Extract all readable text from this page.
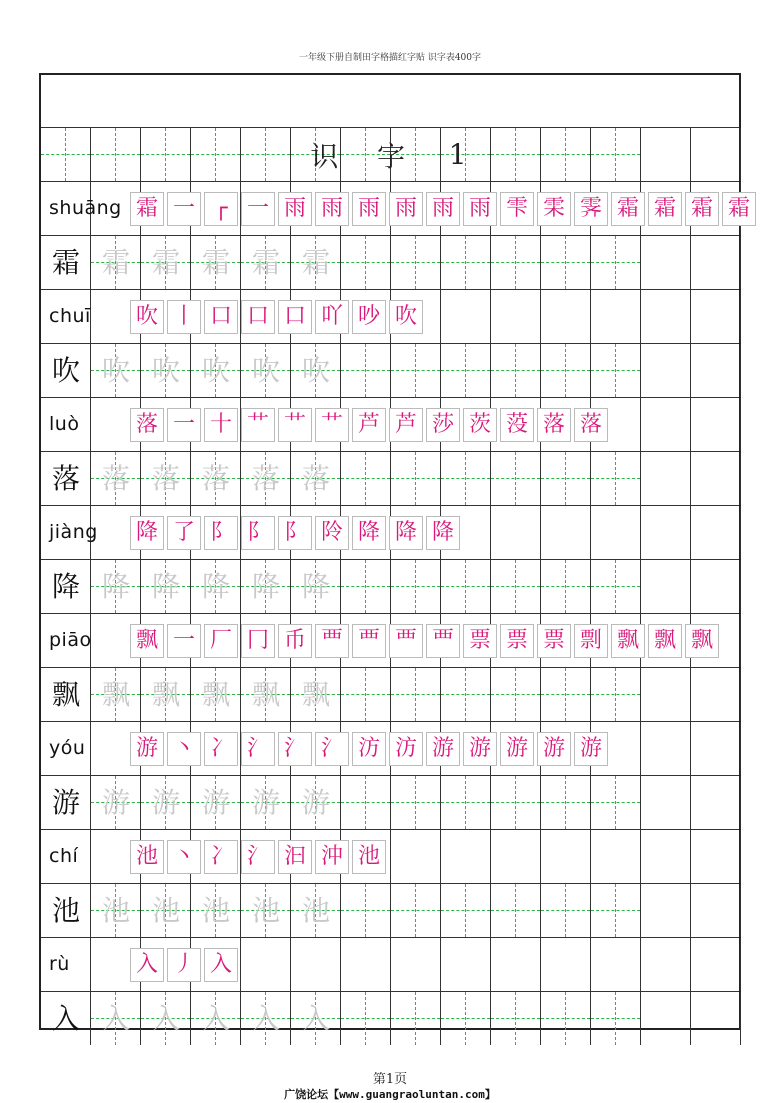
一年级下册自制田字格描红字贴 识字表400字
识	字	1
shuāng 霜 一 ┌ ⼀ 雨 雨 雨 雨 雨 雨 雫 雬 霁 霜 霜 霜 霜
霜 霜 霜 霜 霜 霜
chuī 吹 丨 口 口 口 吖 吵 吹
吹 吹 吹 吹 吹 吹
luò	落 一 十 艹 艹 艹 芦 芦 莎 茨 莈 落 落
落 落 落 落 落 落
jiàng 降 了 阝 阝 阝 阾 降 降 降
降 降 降 降 降 降
piāo 飘 一 厂 冂 币 覀 覀 覀 覀 票 票 票 剽 飘 飘 飘
飘 飘 飘 飘 飘 飘
yóu 游 丶 冫 氵 氵 氵 汸 汸 游 游 游 游 游
游 游 游 游 游 游
chí	池 丶 冫 氵 汩 沖 池
池 池 池 池 池 池
rù	入 丿 入
入 入 入 入 入 入
第1页
广饶论坛【www.guangraoluntan.com】
